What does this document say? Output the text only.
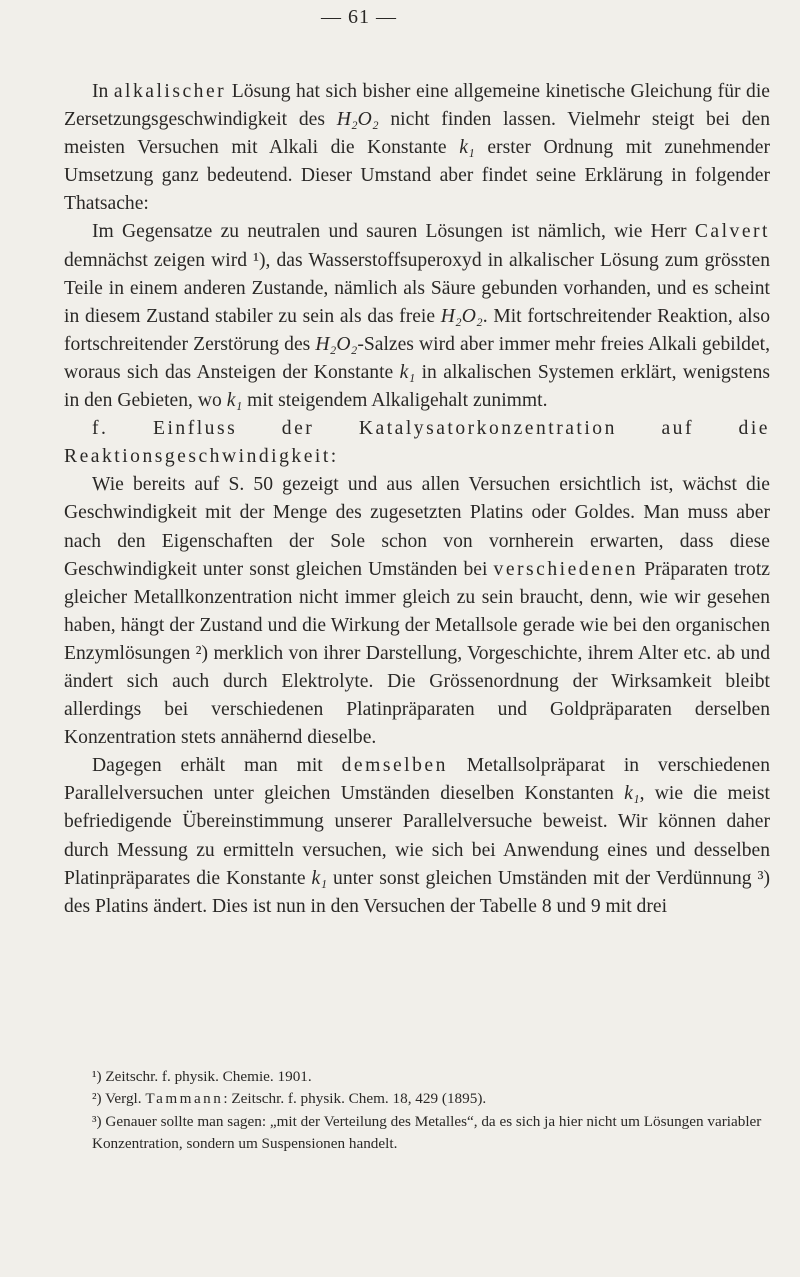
— 61 —

In alkalischer Lösung hat sich bisher eine allgemeine kinetische Gleichung für die Zersetzungsgeschwindigkeit des H₂O₂ nicht finden lassen. Vielmehr steigt bei den meisten Versuchen mit Alkali die Konstante k₁ erster Ordnung mit zunehmender Umsetzung ganz bedeutend. Dieser Umstand aber findet seine Erklärung in folgender Thatsache:

Im Gegensatze zu neutralen und sauren Lösungen ist nämlich, wie Herr Calvert demnächst zeigen wird ¹), das Wasserstoffsuperoxyd in alkalischer Lösung zum grössten Teile in einem anderen Zustande, nämlich als Säure gebunden vorhanden, und es scheint in diesem Zustand stabiler zu sein als das freie H₂O₂. Mit fortschreitender Reaktion, also fortschreitender Zerstörung des H₂O₂-Salzes wird aber immer mehr freies Alkali gebildet, woraus sich das Ansteigen der Konstante k₁ in alkalischen Systemen erklärt, wenigstens in den Gebieten, wo k₁ mit steigendem Alkaligehalt zunimmt.

f. Einfluss der Katalysatorkonzentration auf die Reaktionsgeschwindigkeit:

Wie bereits auf S. 50 gezeigt und aus allen Versuchen ersichtlich ist, wächst die Geschwindigkeit mit der Menge des zugesetzten Platins oder Goldes. Man muss aber nach den Eigenschaften der Sole schon von vornherein erwarten, dass diese Geschwindigkeit unter sonst gleichen Umständen bei verschiedenen Präparaten trotz gleicher Metallkonzentration nicht immer gleich zu sein braucht, denn, wie wir gesehen haben, hängt der Zustand und die Wirkung der Metallsole gerade wie bei den organischen Enzymlösungen ²) merklich von ihrer Darstellung, Vorgeschichte, ihrem Alter etc. ab und ändert sich auch durch Elektrolyte. Die Grössenordnung der Wirksamkeit bleibt allerdings bei verschiedenen Platinpräparaten und Goldpräparaten derselben Konzentration stets annähernd dieselbe.

Dagegen erhält man mit demselben Metallsolpräparat in verschiedenen Parallelversuchen unter gleichen Umständen dieselben Konstanten k₁, wie die meist befriedigende Übereinstimmung unserer Parallelversuche beweist. Wir können daher durch Messung zu ermitteln versuchen, wie sich bei Anwendung eines und desselben Platinpräparates die Konstante k₁ unter sonst gleichen Umständen mit der Verdünnung ³) des Platins ändert. Dies ist nun in den Versuchen der Tabelle 8 und 9 mit drei

¹) Zeitschr. f. physik. Chemie. 1901.

²) Vergl. Tammann: Zeitschr. f. physik. Chem. 18, 429 (1895).

³) Genauer sollte man sagen: „mit der Verteilung des Metalles“, da es sich ja hier nicht um Lösungen variabler Konzentration, sondern um Suspensionen handelt.
